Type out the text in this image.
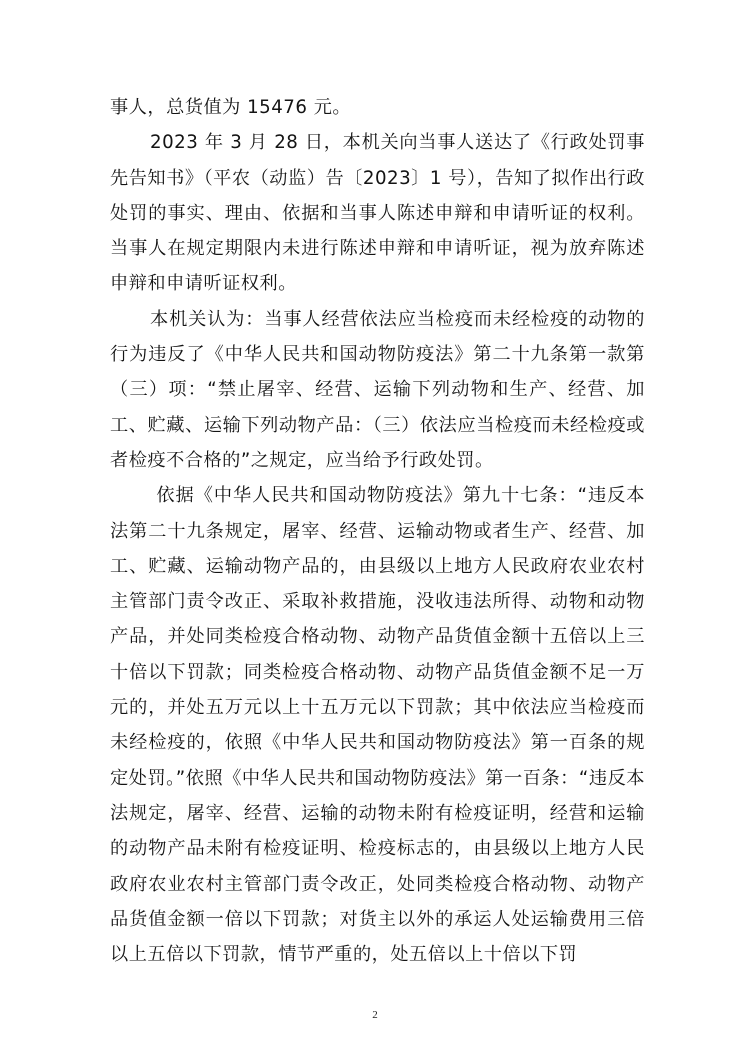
事人，总货值为 15476 元。

2023 年 3 月 28 日，本机关向当事人送达了《行政处罚事先告知书》（平农（动监）告〔2023〕1 号），告知了拟作出行政处罚的事实、理由、依据和当事人陈述申辩和申请听证的权利。当事人在规定期限内未进行陈述申辩和申请听证，视为放弃陈述申辩和申请听证权利。

本机关认为：当事人经营依法应当检疫而未经检疫的动物的行为违反了《中华人民共和国动物防疫法》第二十九条第一款第（三）项：“禁止屠宰、经营、运输下列动物和生产、经营、加工、贮藏、运输下列动物产品：（三）依法应当检疫而未经检疫或者检疫不合格的”之规定，应当给予行政处罚。

依据《中华人民共和国动物防疫法》第九十七条：“违反本法第二十九条规定，屠宰、经营、运输动物或者生产、经营、加工、贮藏、运输动物产品的，由县级以上地方人民政府农业农村主管部门责令改正、采取补救措施，没收违法所得、动物和动物产品，并处同类检疫合格动物、动物产品货值金额十五倍以上三十倍以下罚款；同类检疫合格动物、动物产品货值金额不足一万元的，并处五万元以上十五万元以下罚款；其中依法应当检疫而未经检疫的，依照《中华人民共和国动物防疫法》第一百条的规定处罚。”依照《中华人民共和国动物防疫法》第一百条：“违反本法规定，屠宰、经营、运输的动物未附有检疫证明，经营和运输的动物产品未附有检疫证明、检疫标志的，由县级以上地方人民政府农业农村主管部门责令改正，处同类检疫合格动物、动物产品货值金额一倍以下罚款；对货主以外的承运人处运输费用三倍以上五倍以下罚款，情节严重的，处五倍以上十倍以下罚

2
